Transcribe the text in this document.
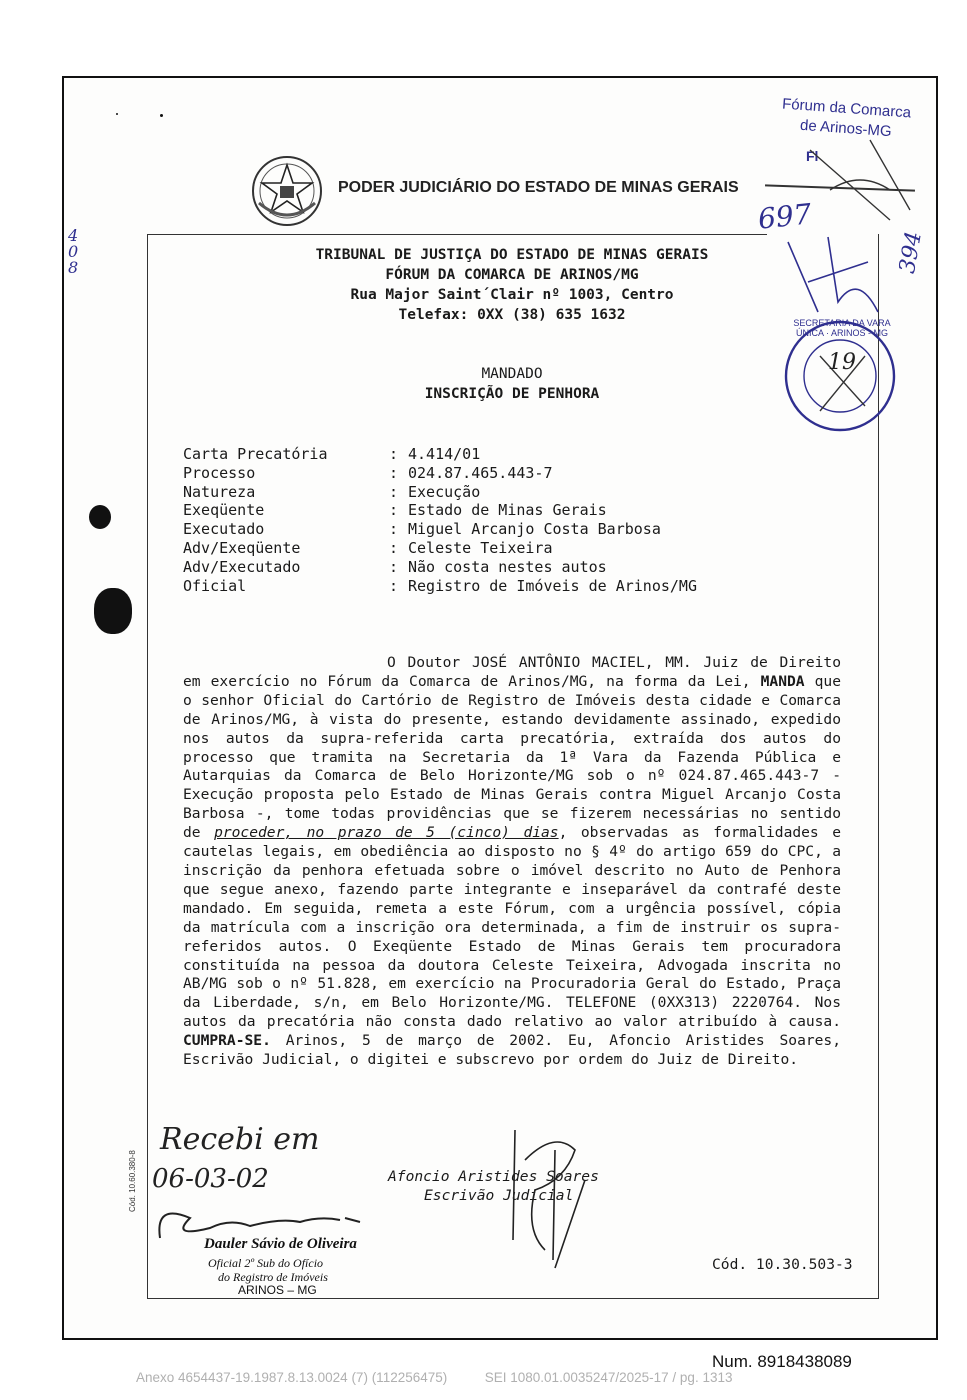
PODER JUDICIÁRIO DO ESTADO DE MINAS GERAIS
TRIBUNAL DE JUSTIÇA DO ESTADO DE MINAS GERAIS
FÓRUM DA COMARCA DE ARINOS/MG
Rua Major Saint´Clair nº 1003, Centro
Telefax: 0XX (38) 635 1632
MANDADO
INSCRIÇÃO DE PENHORA
Carta Precatória	: 4.414/01
Processo	: 024.87.465.443-7
Natureza	: Execução
Exeqüente	: Estado de Minas Gerais
Executado	: Miguel Arcanjo Costa Barbosa
Adv/Exeqüente	: Celeste Teixeira
Adv/Executado	: Não costa nestes autos
Oficial	: Registro de Imóveis de Arinos/MG

O Doutor JOSÉ ANTÔNIO MACIEL, MM. Juiz de Direito em exercício no Fórum da Comarca de Arinos/MG, na forma da Lei, MANDA que o senhor Oficial do Cartório de Registro de Imóveis desta cidade e Comarca de Arinos/MG, à vista do presente, estando devidamente assinado, expedido nos autos da supra-referida carta precatória, extraída dos autos do processo que tramita na Secretaria da 1ª Vara da Fazenda Pública e Autarquias da Comarca de Belo Horizonte/MG sob o nº 024.87.465.443-7 - Execução proposta pelo Estado de Minas Gerais contra Miguel Arcanjo Costa Barbosa -, tome todas providências que se fizerem necessárias no sentido de proceder, no prazo de 5 (cinco) dias, observadas as formalidades e cautelas legais, em obediência ao disposto no § 4º do artigo 659 do CPC, a inscrição da penhora efetuada sobre o imóvel descrito no Auto de Penhora que segue anexo, fazendo parte integrante e inseparável da contrafé deste mandado. Em seguida, remeta a este Fórum, com a urgência possível, cópia da matrícula com a inscrição ora determinada, a fim de instruir os supra-referidos autos. O Exeqüente Estado de Minas Gerais tem procuradora constituída na pessoa da doutora Celeste Teixeira, Advogada inscrita no AB/MG sob o nº 51.828, em exercício na Procuradoria Geral do Estado, Praça da Liberdade, s/n, em Belo Horizonte/MG. TELEFONE (0XX313) 2220764. Nos autos da precatória não consta dado relativo ao valor atribuído à causa. CUMPRA-SE. Arinos, 5 de março de 2002. Eu, Afoncio Aristides Soares, Escrivão Judicial, o digitei e subscrevo por ordem do Juiz de Direito.

Afoncio Aristides Soares
Escrivão Judicial
Cód. 10.30.503-3
Recebi em
06-03-02
Dauler Sávio de Oliveira
Oficial 2º Sub do Ofício
do Registro de Imóveis
ARINOS – MG
Cód. 10.60.380-8
Fórum da Comarca
de Arinos-MG
Fl
697
394
SECRETARIA DA VARA ÚNICA · ARINOS - MG
19
4 0 8
Num. 8918438089
Anexo 4654437-19.1987.8.13.0024 (7) (112256475)          SEI 1080.01.0035247/2025-17 / pg. 1313
